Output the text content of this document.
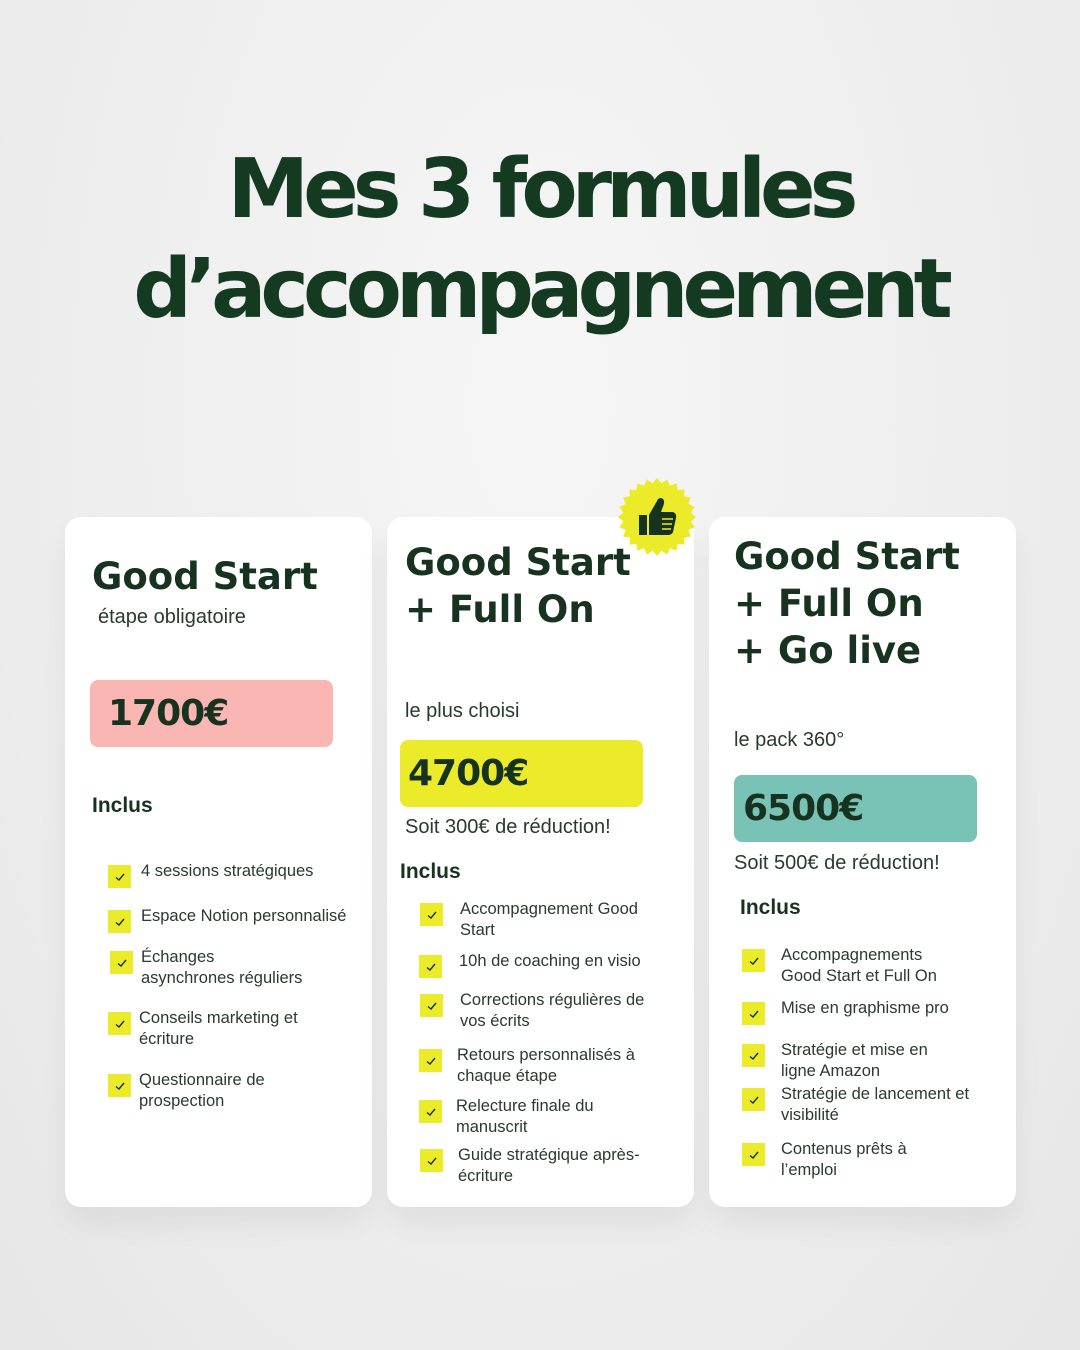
Mes 3 formules
d’accompagnement
Good Start
étape obligatoire
1700€
Inclus
4 sessions stratégiques
Espace Notion personnalisé
Échanges asynchrones réguliers
Conseils marketing et écriture
Questionnaire de prospection
Good Start
+ Full On
le plus choisi
4700€
Soit 300€ de réduction!
Inclus
Accompagnement Good Start
10h de coaching en visio
Corrections régulières de vos écrits
Retours personnalisés à chaque étape
Relecture finale du manuscrit
Guide stratégique après-écriture
Good Start
+ Full On
+ Go live
le pack 360°
6500€
Soit 500€ de réduction!
Inclus
Accompagnements Good Start et Full On
Mise en graphisme pro
Stratégie et mise en ligne Amazon
Stratégie de lancement et visibilité
Contenus prêts à l’emploi
